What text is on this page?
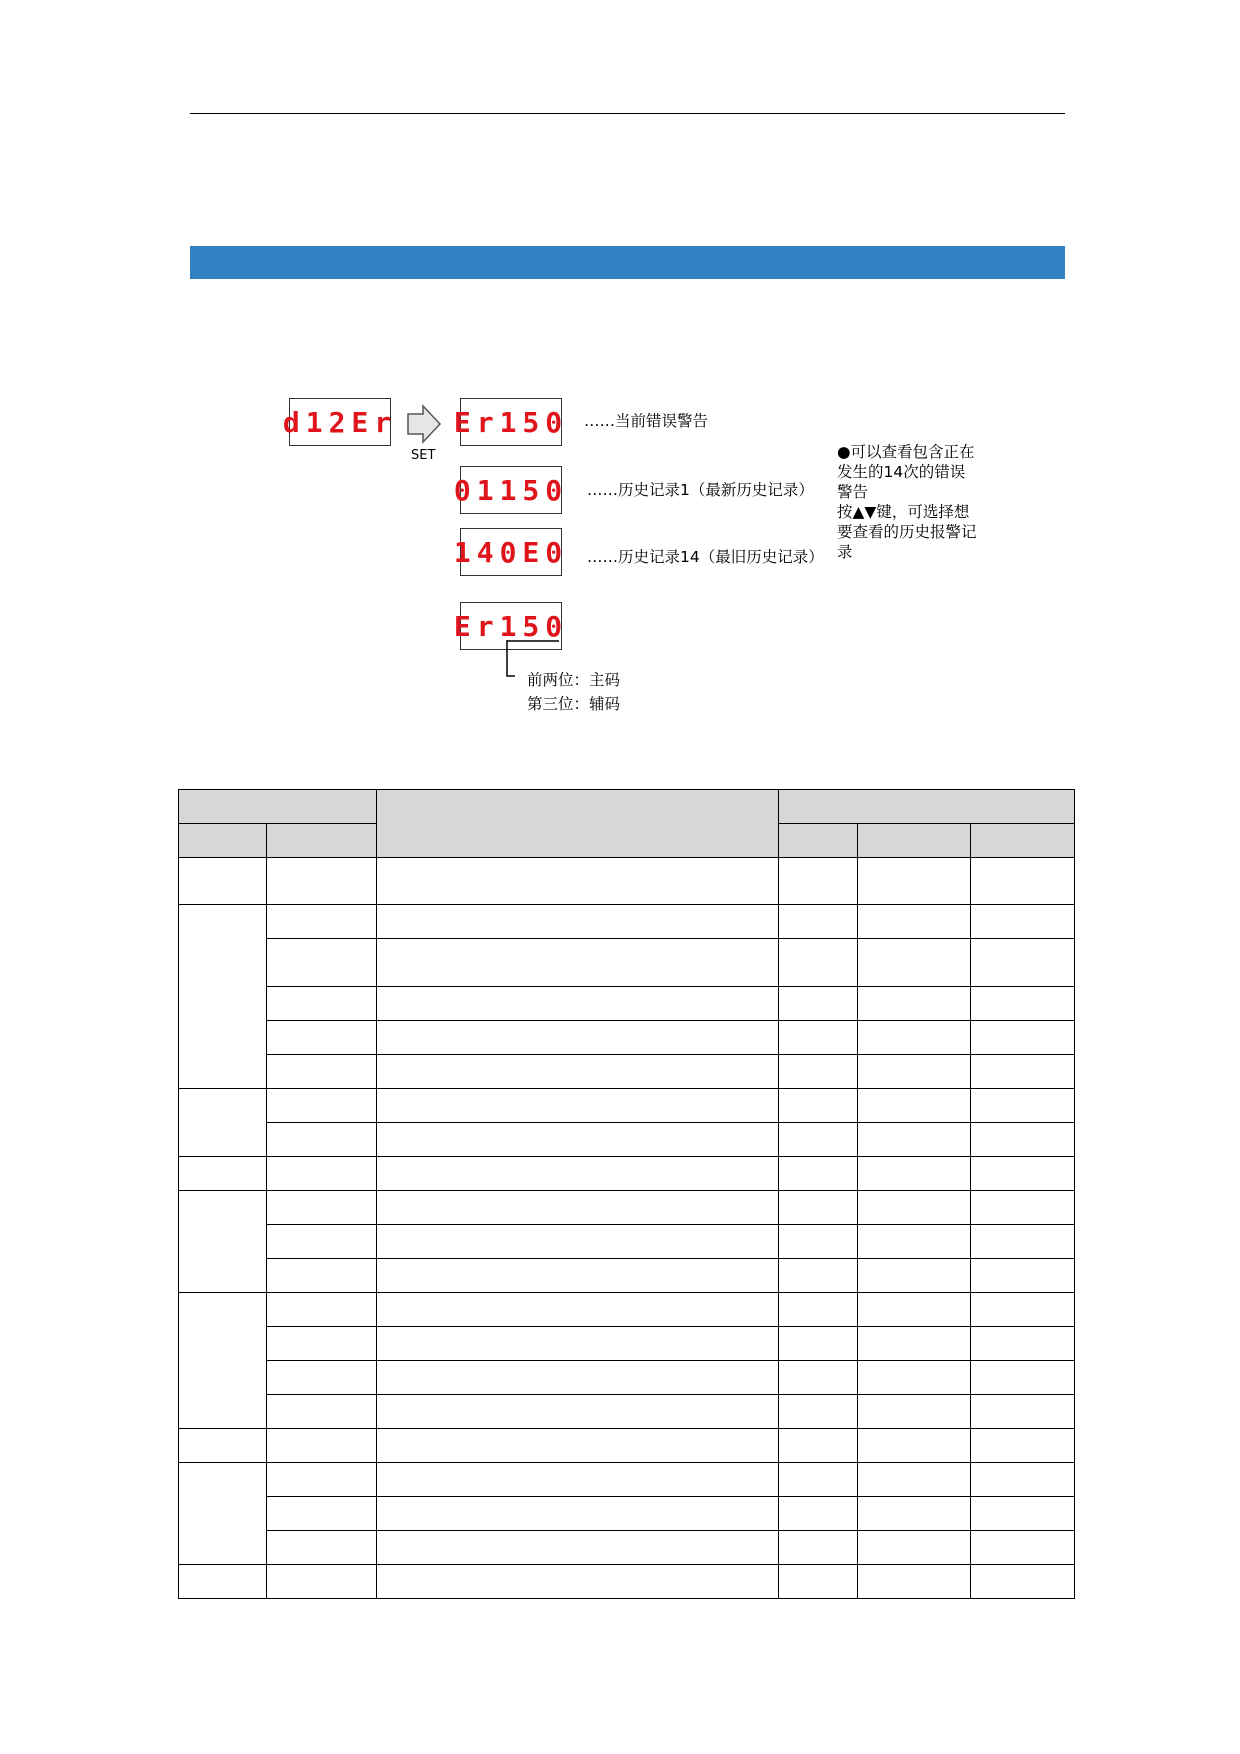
d12Er
SET
Er150 ……当前错误警告
01150 ……历史记录1（最新历史记录）
140E0 ……历史记录14（最旧历史记录）
●可以查看包含正在发生的14次的错误警告
按▲▼键，可选择想要查看的历史报警记录
Er150
前两位：主码
第三位：辅码
